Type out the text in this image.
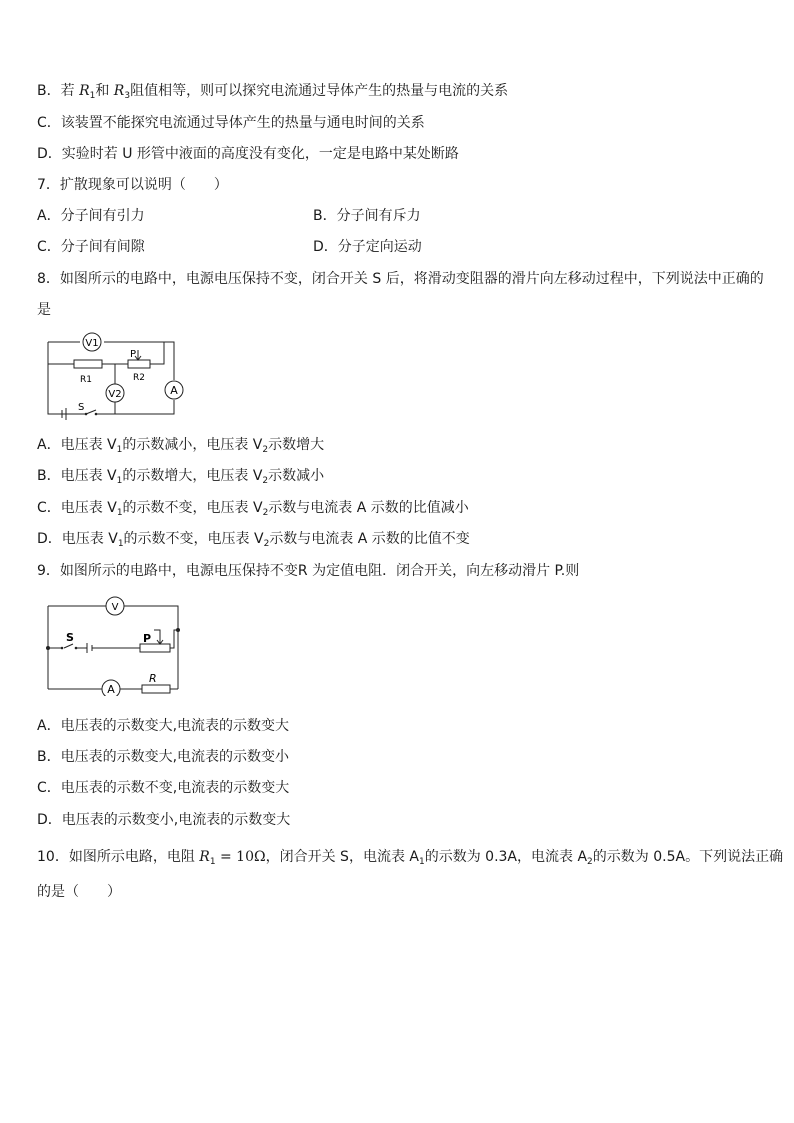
B．若 $R_1$和 $R_3$阻值相等，则可以探究电流通过导体产生的热量与电流的关系
C．该装置不能探究电流通过导体产生的热量与通电时间的关系
D．实验时若 U 形管中液面的高度没有变化，一定是电路中某处断路
7．扩散现象可以说明（　　）
A．分子间有引力	B．分子间有斥力
C．分子间有间隙	D．分子定向运动
8．如图所示的电路中，电源电压保持不变，闭合开关 S 后，将滑动变阻器的滑片向左移动过程中，下列说法中正确的
是
V1
P
R1	R2
V2	A
S
A．电压表 $V_1$的示数减小，电压表 $V_2$示数增大
B．电压表 $V_1$的示数增大，电压表 $V_2$示数减小
C．电压表 $V_1$的示数不变，电压表 $V_2$示数与电流表 A 示数的比值减小
D．电压表 $V_1$的示数不变，电压表 $V_2$示数与电流表 A 示数的比值不变
9．如图所示的电路中，电源电压保持不变R 为定值电阻．闭合开关，向左移动滑片 P.则
V
S	P
A
R
A．电压表的示数变大,电流表的示数变大
B．电压表的示数变大,电流表的示数变小
C．电压表的示数不变,电流表的示数变大
D．电压表的示数变小,电流表的示数变大
10．如图所示电路，电阻 $R_1 = 10\Omega$，闭合开关 S，电流表 $A_1$的示数为 0.3A，电流表 $A_2$的示数为 0.5A。下列说法正确
的是（　　）
